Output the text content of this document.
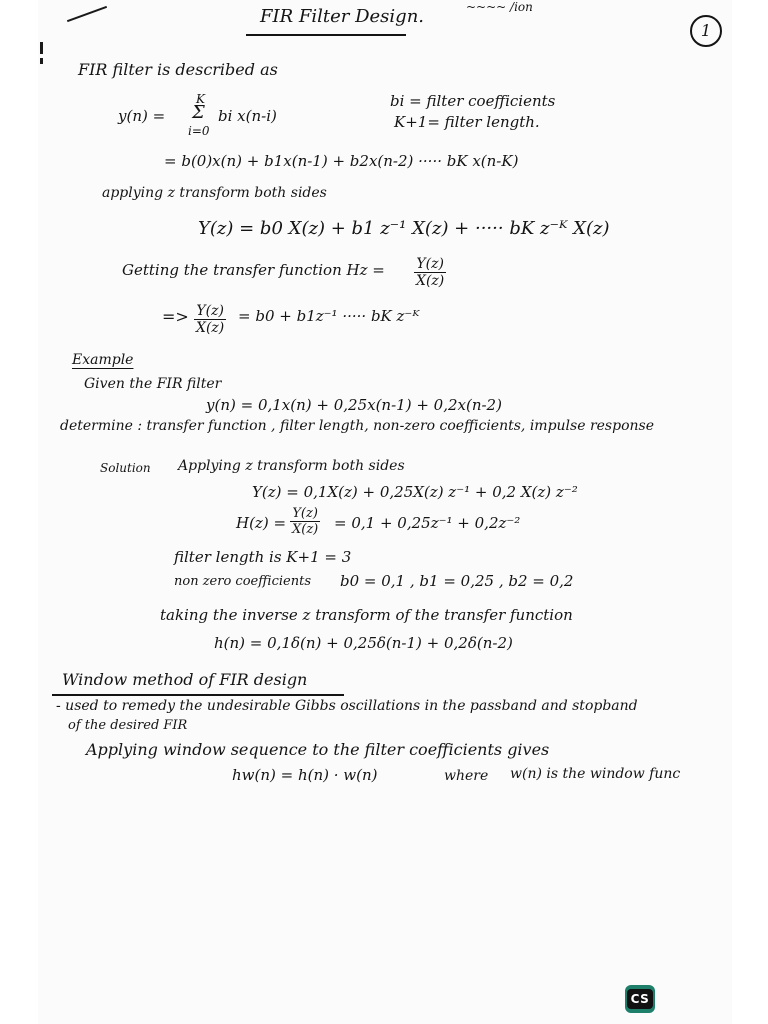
FIR Filter Design.	~~~~ /ion
1
FIR filter is described as
y(n) =
K
Σ
i=0
bi x(n-i)
bi = filter coefficients
K+1= filter length.
= b(0)x(n) + b1x(n-1) + b2x(n-2) ····· bK x(n-K)
applying z transform both sides
Y(z) = b0 X(z) + b1 z⁻¹ X(z) + ····· bK z⁻ᴷ X(z)
Getting the transfer function $Hz = \frac{Y(z)}{X(z)}$
=> $\frac{Y(z)}{X(z)} = b0 + b1z^{-1}$ ····· bK z⁻ᴷ
Example
Given the FIR filter
y(n) = 0,1x(n) + 0,25x(n-1) + 0,2x(n-2)
determine : transfer function , filter length, non-zero coefficients, impulse response
Solution Applying z transform both sides
Y(z) = 0,1X(z) + 0,25X(z) z⁻¹ + 0,2 X(z) z⁻²
$H(z) = \frac{Y(z)}{X(z)} = 0,1 + 0,25z^{-1} + 0,2z^{-2}$
filter length is K+1 = 3
non zero coefficients b0 = 0,1 , b1 = 0,25 , b2 = 0,2
taking the inverse z transform of the transfer function
h(n) = 0,1δ(n) + 0,25δ(n-1) + 0,2δ(n-2)
Window method of FIR design
- used to remedy the undesirable Gibbs oscillations in the passband and stopband
of the desired FIR
Applying window sequence to the filter coefficients gives
hw(n) = h(n) · w(n)	where w(n) is the window func
CS
